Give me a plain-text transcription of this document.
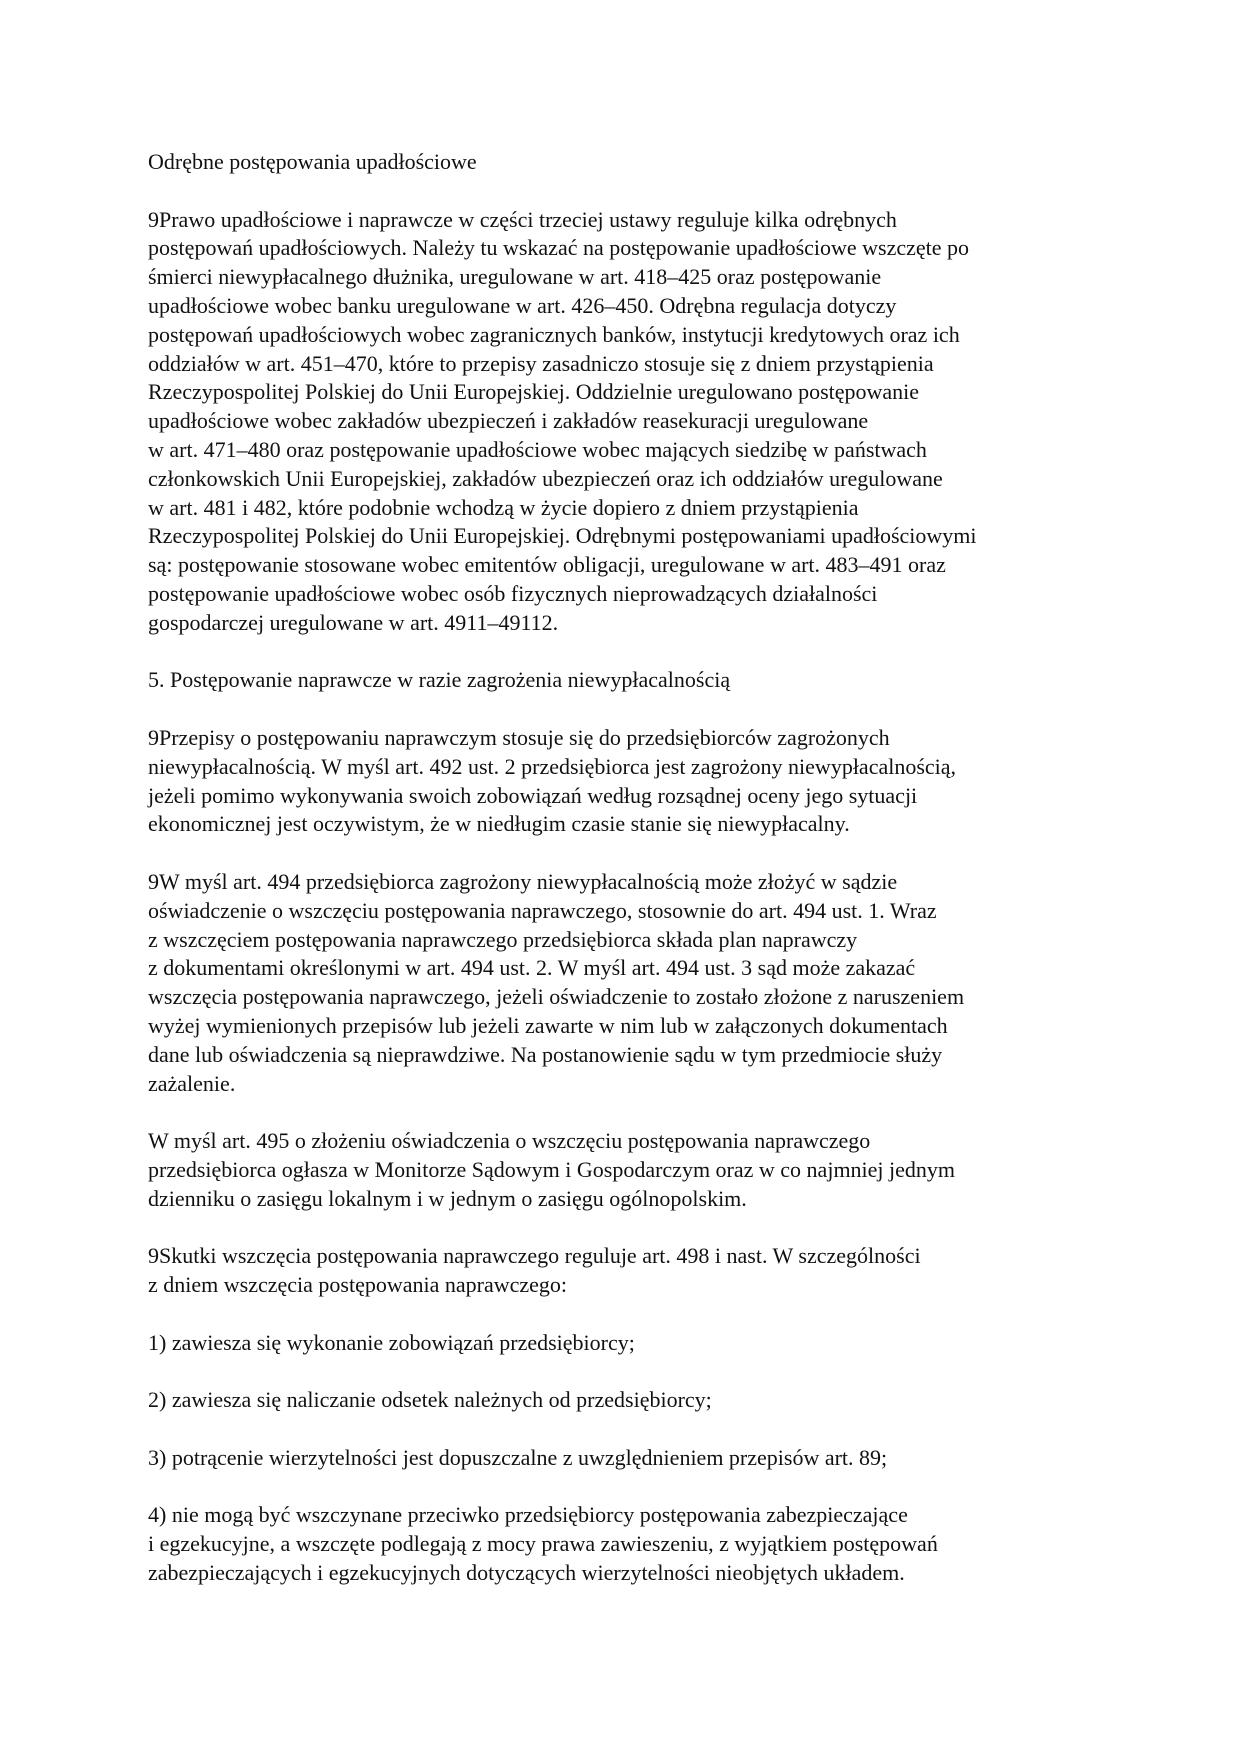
Odrębne postępowania upadłościowe

9Prawo upadłościowe i naprawcze w części trzeciej ustawy reguluje kilka odrębnych
postępowań upadłościowych. Należy tu wskazać na postępowanie upadłościowe wszczęte po
śmierci niewypłacalnego dłużnika, uregulowane w art. 418–425 oraz postępowanie
upadłościowe wobec banku uregulowane w art. 426–450. Odrębna regulacja dotyczy
postępowań upadłościowych wobec zagranicznych banków, instytucji kredytowych oraz ich
oddziałów w art. 451–470, które to przepisy zasadniczo stosuje się z dniem przystąpienia
Rzeczypospolitej Polskiej do Unii Europejskiej. Oddzielnie uregulowano postępowanie
upadłościowe wobec zakładów ubezpieczeń i zakładów reasekuracji uregulowane
w art. 471–480 oraz postępowanie upadłościowe wobec mających siedzibę w państwach
członkowskich Unii Europejskiej, zakładów ubezpieczeń oraz ich oddziałów uregulowane
w art. 481 i 482, które podobnie wchodzą w życie dopiero z dniem przystąpienia
Rzeczypospolitej Polskiej do Unii Europejskiej. Odrębnymi postępowaniami upadłościowymi
są: postępowanie stosowane wobec emitentów obligacji, uregulowane w art. 483–491 oraz
postępowanie upadłościowe wobec osób fizycznych nieprowadzących działalności
gospodarczej uregulowane w art. 4911–49112.

5. Postępowanie naprawcze w razie zagrożenia niewypłacalnością

9Przepisy o postępowaniu naprawczym stosuje się do przedsiębiorców zagrożonych
niewypłacalnością. W myśl art. 492 ust. 2 przedsiębiorca jest zagrożony niewypłacalnością,
jeżeli pomimo wykonywania swoich zobowiązań według rozsądnej oceny jego sytuacji
ekonomicznej jest oczywistym, że w niedługim czasie stanie się niewypłacalny.

9W myśl art. 494 przedsiębiorca zagrożony niewypłacalnością może złożyć w sądzie
oświadczenie o wszczęciu postępowania naprawczego, stosownie do art. 494 ust. 1. Wraz
z wszczęciem postępowania naprawczego przedsiębiorca składa plan naprawczy
z dokumentami określonymi w art. 494 ust. 2. W myśl art. 494 ust. 3 sąd może zakazać
wszczęcia postępowania naprawczego, jeżeli oświadczenie to zostało złożone z naruszeniem
wyżej wymienionych przepisów lub jeżeli zawarte w nim lub w załączonych dokumentach
dane lub oświadczenia są nieprawdziwe. Na postanowienie sądu w tym przedmiocie służy
zażalenie.

W myśl art. 495 o złożeniu oświadczenia o wszczęciu postępowania naprawczego
przedsiębiorca ogłasza w Monitorze Sądowym i Gospodarczym oraz w co najmniej jednym
dzienniku o zasięgu lokalnym i w jednym o zasięgu ogólnopolskim.

9Skutki wszczęcia postępowania naprawczego reguluje art. 498 i nast. W szczególności
z dniem wszczęcia postępowania naprawczego:

1) zawiesza się wykonanie zobowiązań przedsiębiorcy;

2) zawiesza się naliczanie odsetek należnych od przedsiębiorcy;

3) potrącenie wierzytelności jest dopuszczalne z uwzględnieniem przepisów art. 89;

4) nie mogą być wszczynane przeciwko przedsiębiorcy postępowania zabezpieczające
i egzekucyjne, a wszczęte podlegają z mocy prawa zawieszeniu, z wyjątkiem postępowań
zabezpieczających i egzekucyjnych dotyczących wierzytelności nieobjętych układem.
